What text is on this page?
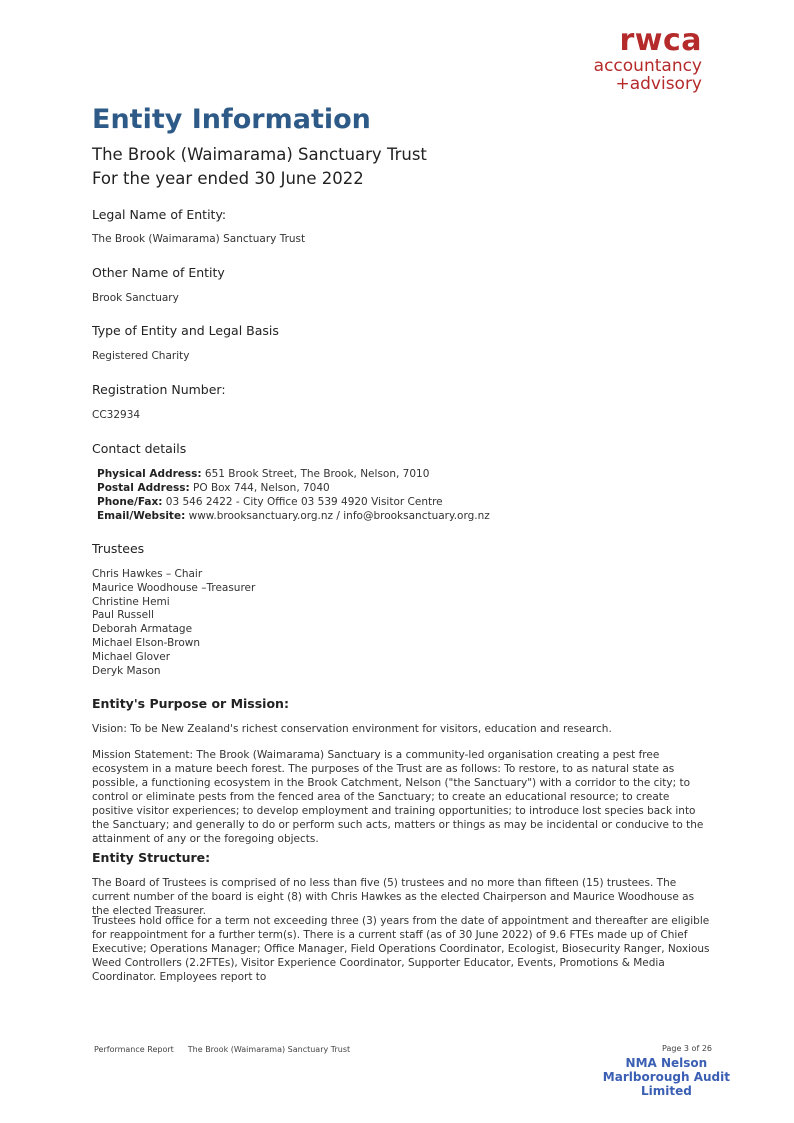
rwca
accountancy
+advisory
Entity Information
The Brook (Waimarama) Sanctuary Trust
For the year ended 30 June 2022
Legal Name of Entity:
The Brook (Waimarama) Sanctuary Trust
Other Name of Entity
Brook Sanctuary
Type of Entity and Legal Basis
Registered Charity
Registration Number:
CC32934
Contact details
Physical Address: 651 Brook Street, The Brook, Nelson, 7010
Postal Address: PO Box 744, Nelson, 7040
Phone/Fax: 03 546 2422 - City Office 03 539 4920 Visitor Centre
Email/Website: www.brooksanctuary.org.nz / info@brooksanctuary.org.nz
Trustees
Chris Hawkes – Chair
Maurice Woodhouse –Treasurer
Christine Hemi
Paul Russell
Deborah Armatage
Michael Elson-Brown
Michael Glover
Deryk Mason
Entity's Purpose or Mission:
Vision: To be New Zealand's richest conservation environment for visitors, education and research.
Mission Statement: The Brook (Waimarama) Sanctuary is a community-led organisation creating a pest free ecosystem in a mature beech forest. The purposes of the Trust are as follows: To restore, to as natural state as possible, a functioning ecosystem in the Brook Catchment, Nelson ("the Sanctuary") with a corridor to the city; to control or eliminate pests from the fenced area of the Sanctuary; to create an educational resource; to create positive visitor experiences; to develop employment and training opportunities; to introduce lost species back into the Sanctuary; and generally to do or perform such acts, matters or things as may be incidental or conducive to the attainment of any or the foregoing objects.
Entity Structure:
The Board of Trustees is comprised of no less than five (5) trustees and no more than fifteen (15) trustees. The current number of the board is eight (8) with Chris Hawkes as the elected Chairperson and Maurice Woodhouse as the elected Treasurer.
Trustees hold office for a term not exceeding three (3) years from the date of appointment and thereafter are eligible for reappointment for a further term(s). There is a current staff (as of 30 June 2022) of 9.6 FTEs made up of Chief Executive; Operations Manager; Office Manager, Field Operations Coordinator, Ecologist, Biosecurity Ranger, Noxious Weed Controllers (2.2FTEs), Visitor Experience Coordinator, Supporter Educator, Events, Promotions & Media Coordinator. Employees report to
Performance Report The Brook (Waimarama) Sanctuary Trust	Page 3 of 26
NMA Nelson
Marlborough Audit
Limited
